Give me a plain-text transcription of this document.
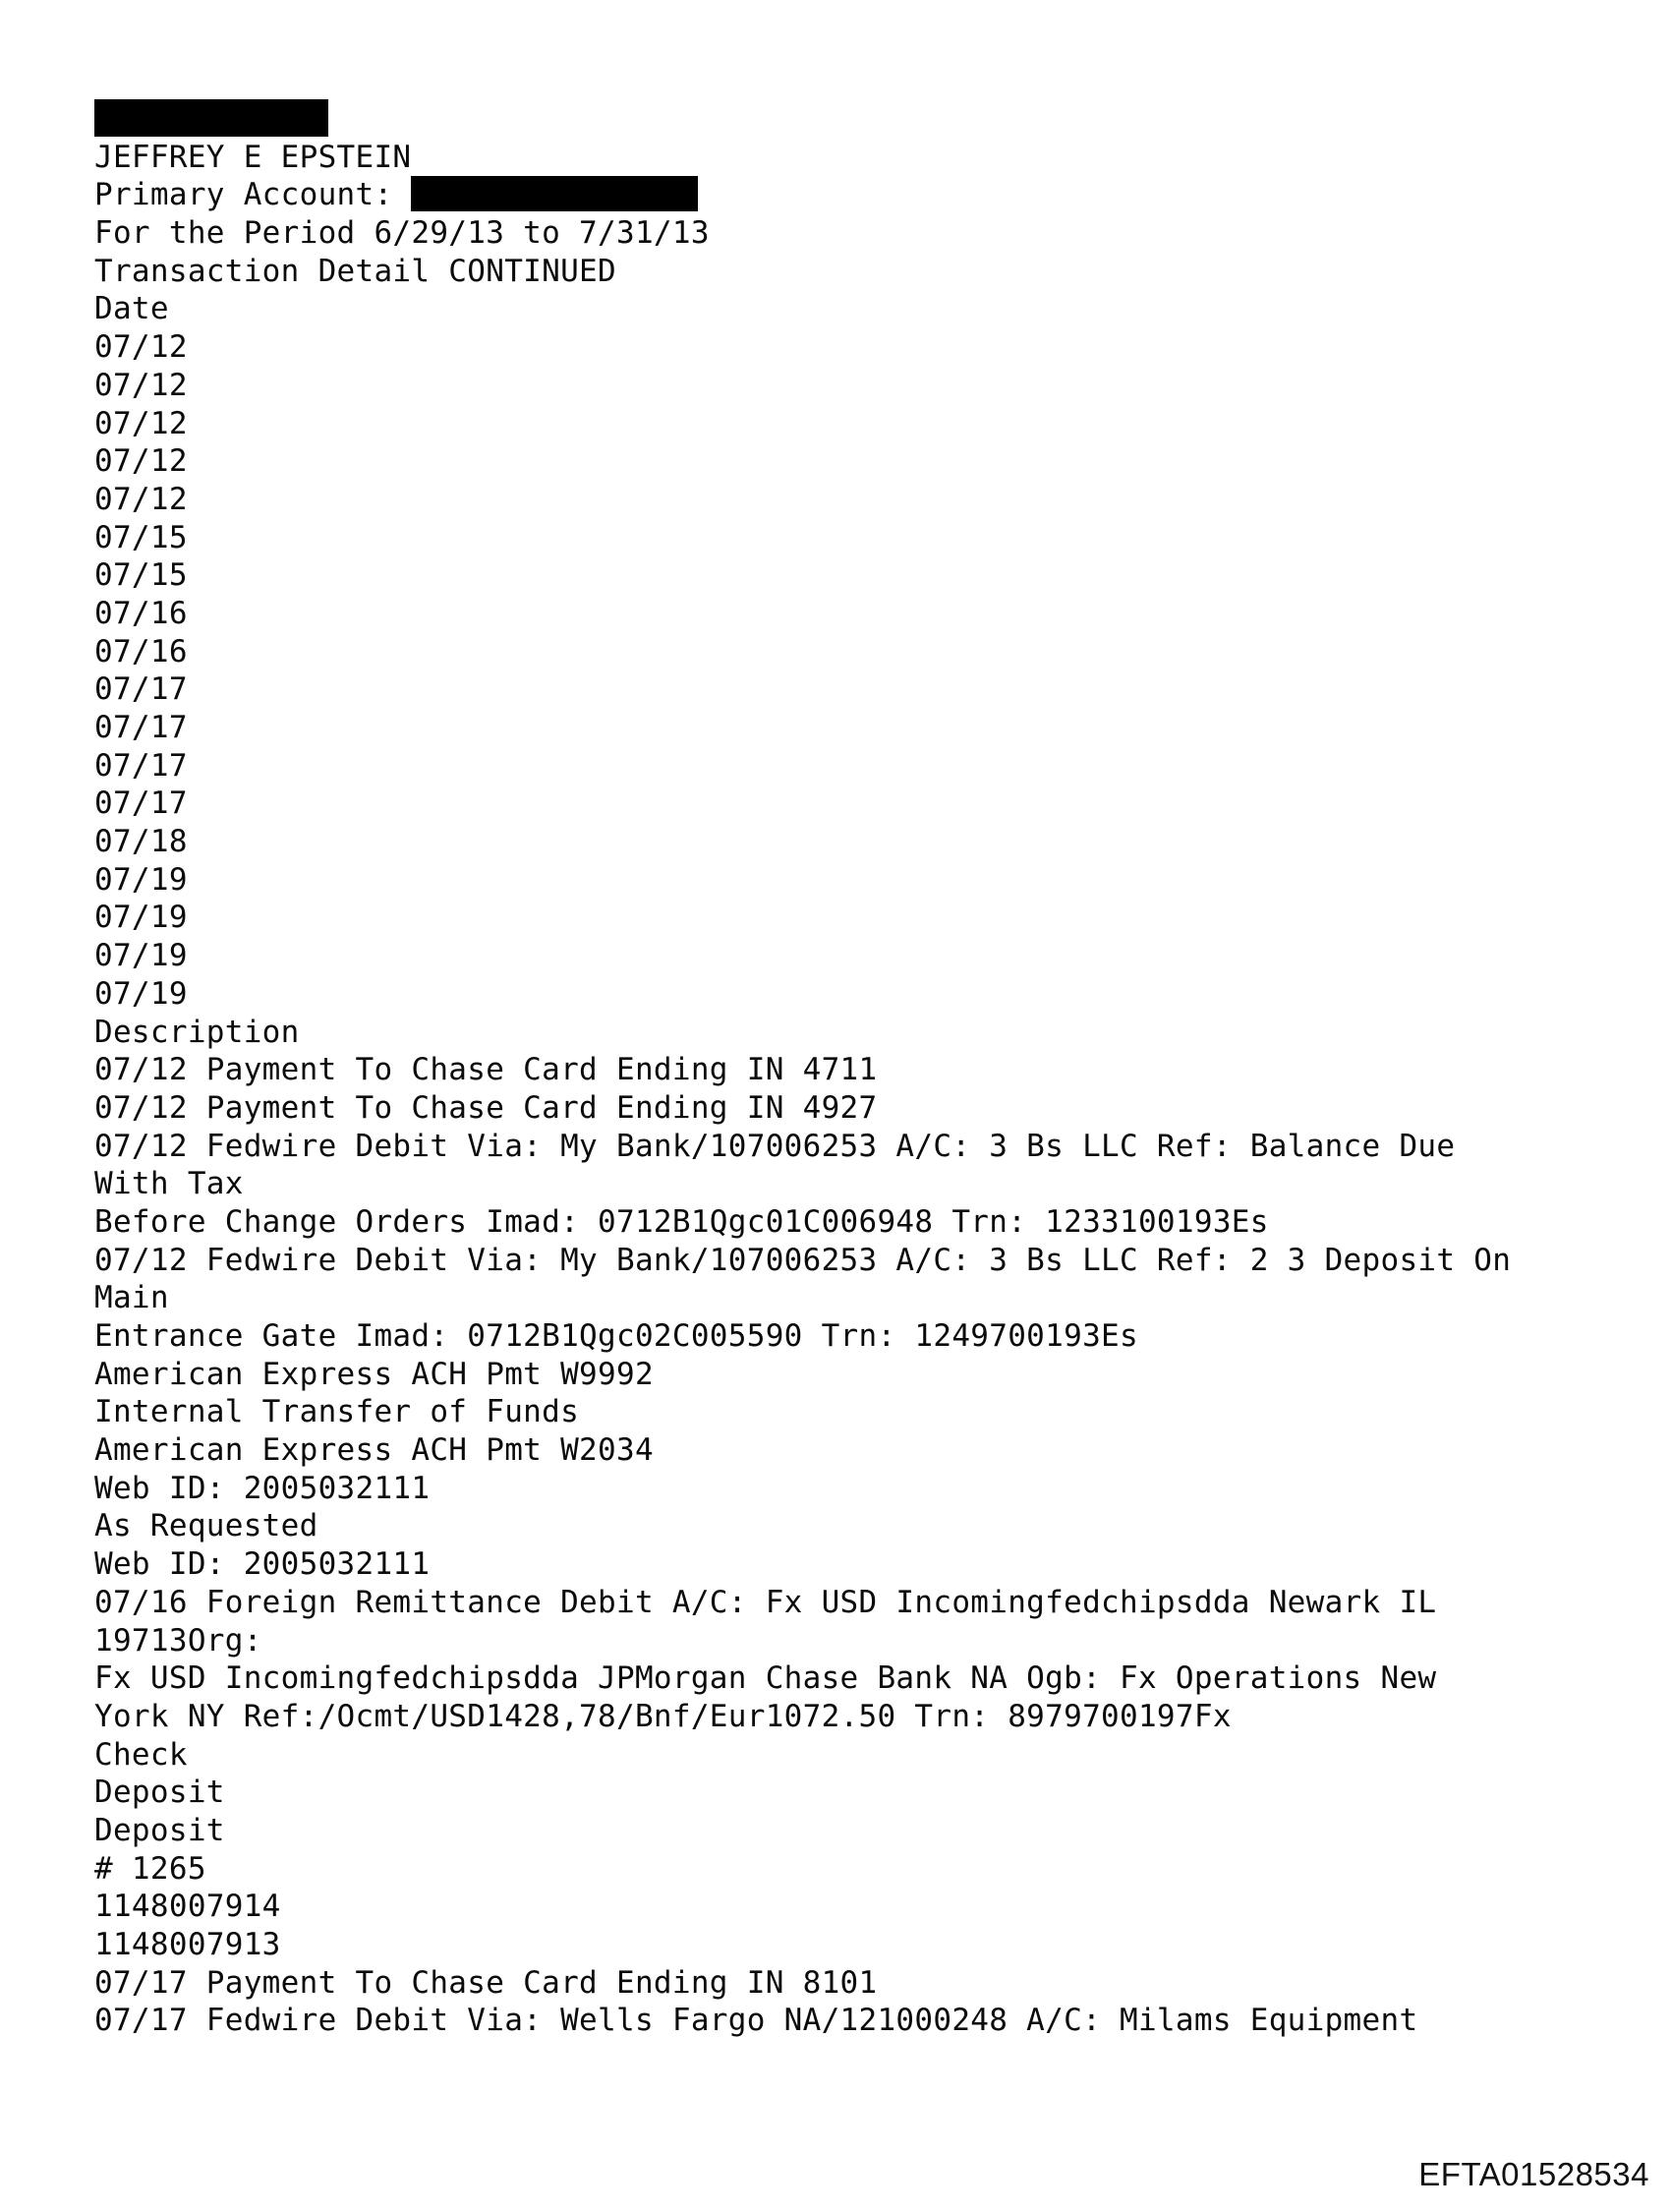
JEFFREY E EPSTEIN
Primary Account:
For the Period 6/29/13 to 7/31/13
Transaction Detail CONTINUED
Date
07/12
07/12
07/12
07/12
07/12
07/15
07/15
07/16
07/16
07/17
07/17
07/17
07/17
07/18
07/19
07/19
07/19
07/19
Description
07/12 Payment To Chase Card Ending IN 4711
07/12 Payment To Chase Card Ending IN 4927
07/12 Fedwire Debit Via: My Bank/107006253 A/C: 3 Bs LLC Ref: Balance Due
With Tax
Before Change Orders Imad: 0712B1Qgc01C006948 Trn: 1233100193Es
07/12 Fedwire Debit Via: My Bank/107006253 A/C: 3 Bs LLC Ref: 2 3 Deposit On
Main
Entrance Gate Imad: 0712B1Qgc02C005590 Trn: 1249700193Es
American Express ACH Pmt W9992
Internal Transfer of Funds
American Express ACH Pmt W2034
Web ID: 2005032111
As Requested
Web ID: 2005032111
07/16 Foreign Remittance Debit A/C: Fx USD Incomingfedchipsdda Newark IL
19713Org:
Fx USD Incomingfedchipsdda JPMorgan Chase Bank NA Ogb: Fx Operations New
York NY Ref:/Ocmt/USD1428,78/Bnf/Eur1072.50 Trn: 8979700197Fx
Check
Deposit
Deposit
# 1265
1148007914
1148007913
07/17 Payment To Chase Card Ending IN 8101
07/17 Fedwire Debit Via: Wells Fargo NA/121000248 A/C: Milams Equipment
EFTA01528534
